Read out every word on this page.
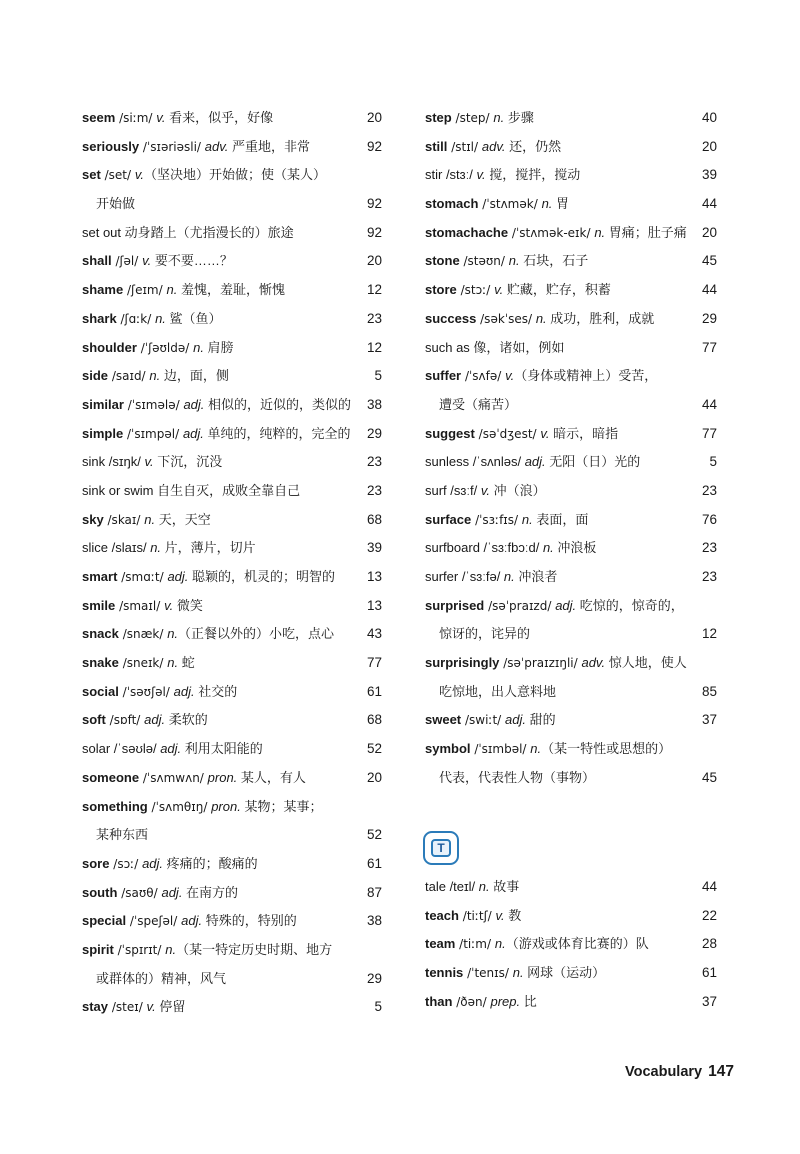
seem /siːm/ v. 看来，似乎，好像	20
seriously /ˈsɪəriəsli/ adv. 严重地，非常	92
set /set/ v.（坚决地）开始做；使（某人）
开始做	92
set out 动身踏上（尤指漫长的）旅途	92
shall /ʃəl/ v. 要不要……？	20
shame /ʃeɪm/ n. 羞愧，羞耻，惭愧	12
shark /ʃɑːk/ n. 鲨（鱼）	23
shoulder /ˈʃəʊldə/ n. 肩膀	12
side /saɪd/ n. 边，面，侧	5
similar /ˈsɪmələ/ adj. 相似的，近似的，类似的 38
simple /ˈsɪmpəl/ adj. 单纯的，纯粹的，完全的 29
sink /sɪŋk/ v. 下沉，沉没	23
sink or swim 自生自灭，成败全靠自己	23
sky /skaɪ/ n. 天，天空	68
slice /slaɪs/ n. 片，薄片，切片	39
smart /smɑːt/ adj. 聪颖的，机灵的；明智的 13
smile /smaɪl/ v. 微笑	13
snack /snæk/ n.（正餐以外的）小吃，点心 43
snake /sneɪk/ n. 蛇	77
social /ˈsəʊʃəl/ adj. 社交的	61
soft /sɒft/ adj. 柔软的	68
solar /ˈsəʊlə/ adj. 利用太阳能的	52
someone /ˈsʌmwʌn/ pron. 某人，有人	20
something /ˈsʌmθɪŋ/ pron. 某物；某事；
某种东西	52
sore /sɔː/ adj. 疼痛的；酸痛的	61
south /saʊθ/ adj. 在南方的	87
special /ˈspeʃəl/ adj. 特殊的，特别的	38
spirit /ˈspɪrɪt/ n.（某一特定历史时期、地方
或群体的）精神，风气	29
stay /steɪ/ v. 停留	5
step /step/ n. 步骤	40
still /stɪl/ adv. 还，仍然	20
stir /stɜː/ v. 搅，搅拌，搅动	39
stomach /ˈstʌmək/ n. 胃	44
stomachache /ˈstʌmək-eɪk/ n. 胃痛；肚子痛 20
stone /stəʊn/ n. 石块，石子	45
store /stɔː/ v. 贮藏，贮存，积蓄	44
success /səkˈses/ n. 成功，胜利，成就	29
such as 像，诸如，例如	77
suffer /ˈsʌfə/ v.（身体或精神上）受苦，
遭受（痛苦）	44
suggest /səˈdʒest/ v. 暗示，暗指	77
sunless /ˈsʌnləs/ adj. 无阳（日）光的	5
surf /sɜːf/ v. 冲（浪）	23
surface /ˈsɜːfɪs/ n. 表面，面	76
surfboard /ˈsɜːfbɔːd/ n. 冲浪板	23
surfer /ˈsɜːfə/ n. 冲浪者	23
surprised /səˈpraɪzd/ adj. 吃惊的，惊奇的，
惊讶的，诧异的	12
surprisingly /səˈpraɪzɪŋli/ adv. 惊人地，使人
吃惊地，出人意料地	85
sweet /swiːt/ adj. 甜的	37
symbol /ˈsɪmbəl/ n.（某一特性或思想的）
代表，代表性人物（事物）	45
T
tale /teɪl/ n. 故事	44
teach /tiːtʃ/ v. 教	22
team /tiːm/ n.（游戏或体育比赛的）队	28
tennis /ˈtenɪs/ n. 网球（运动）	61
than /ðən/ prep. 比	37
Vocabulary 147
